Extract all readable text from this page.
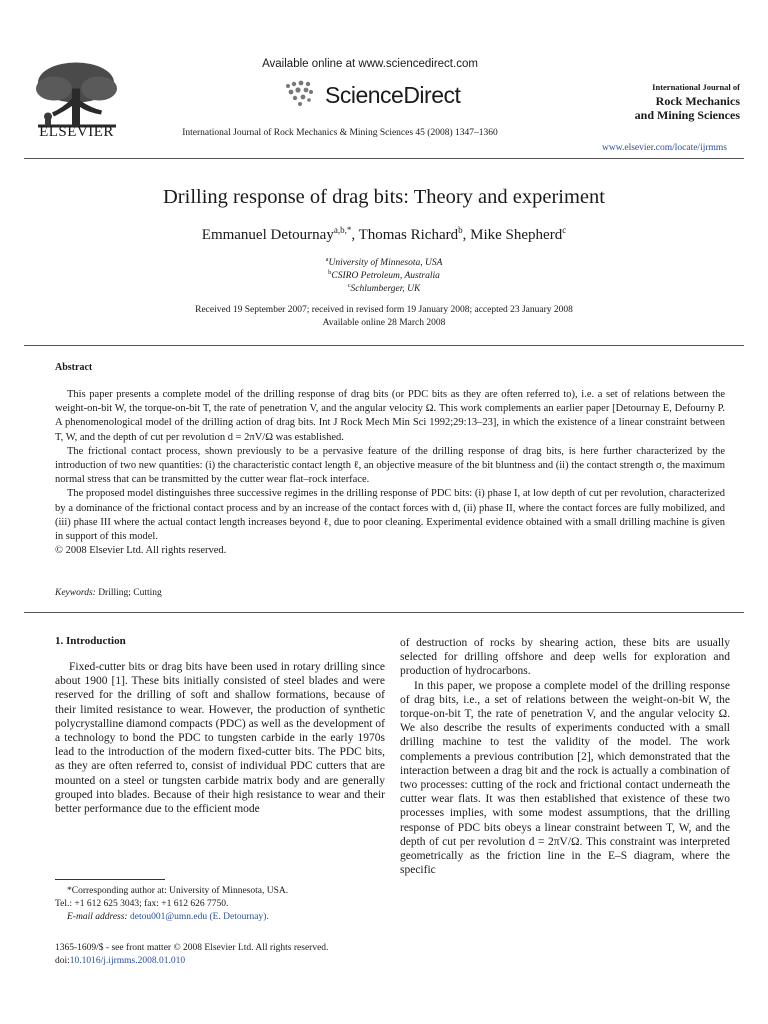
ELSEVIER
Available online at www.sciencedirect.com
ScienceDirect
International Journal of Rock Mechanics & Mining Sciences 45 (2008) 1347–1360
International Journal of
Rock Mechanics
and Mining Sciences
www.elsevier.com/locate/ijrmms
Drilling response of drag bits: Theory and experiment
Emmanuel Detournay$^{a,b,*}$, Thomas Richard$^b$, Mike Shepherd$^c$
$^a$University of Minnesota, USA
$^b$CSIRO Petroleum, Australia
$^c$Schlumberger, UK
Received 19 September 2007; received in revised form 19 January 2008; accepted 23 January 2008
Available online 28 March 2008
Abstract

This paper presents a complete model of the drilling response of drag bits (or PDC bits as they are often referred to), i.e. a set of relations between the weight-on-bit W, the torque-on-bit T, the rate of penetration V, and the angular velocity Ω. This work complements an earlier paper [Detournay E, Defourny P. A phenomenological model of the drilling action of drag bits. Int J Rock Mech Min Sci 1992;29:13–23], in which the existence of a linear constraint between T, W, and the depth of cut per revolution d = 2πV/Ω was established.

The frictional contact process, shown previously to be a pervasive feature of the drilling response of drag bits, is here further characterized by the introduction of two new quantities: (i) the characteristic contact length ℓ, an objective measure of the bit bluntness and (ii) the contact strength σ, the maximum normal stress that can be transmitted by the cutter wear flat–rock interface.

The proposed model distinguishes three successive regimes in the drilling response of PDC bits: (i) phase I, at low depth of cut per revolution, characterized by a dominance of the frictional contact process and by an increase of the contact forces with d, (ii) phase II, where the contact forces are fully mobilized, and (iii) phase III where the actual contact length increases beyond ℓ, due to poor cleaning. Experimental evidence obtained with a small drilling machine is given in support of this model.

© 2008 Elsevier Ltd. All rights reserved.

Keywords: Drilling; Cutting
1. Introduction

Fixed-cutter bits or drag bits have been used in rotary drilling since about 1900 [1]. These bits initially consisted of steel blades and were reserved for the drilling of soft and shallow formations, because of their limited resistance to wear. However, the production of synthetic polycrystalline diamond compacts (PDC) as well as the development of a technology to bond the PDC to tungsten carbide in the early 1970s lead to the introduction of the modern fixed-cutter bits. The PDC bits, as they are often referred to, consist of individual PDC cutters that are mounted on a steel or tungsten carbide matrix body and are generally grouped into blades. Because of their high resistance to wear and their better performance due to the efficient mode

of destruction of rocks by shearing action, these bits are usually selected for drilling offshore and deep wells for exploration and production of hydrocarbons.

In this paper, we propose a complete model of the drilling response of drag bits, i.e., a set of relations between the weight-on-bit W, the torque-on-bit T, the rate of penetration V, and the angular velocity Ω. We also describe the results of experiments conducted with a small drilling machine to test the validity of the model. The work complements a previous contribution [2], which demonstrated that the interaction between a drag bit and the rock is actually a combination of two processes: cutting of the rock and frictional contact underneath the cutter wear flats. It was then established that existence of these two processes implies, with some modest assumptions, that the drilling response of PDC bits obeys a linear constraint between T, W, and the depth of cut per revolution d = 2πV/Ω. This constraint was interpreted geometrically as the friction line in the E–S diagram, where the specific

*Corresponding author at: University of Minnesota, USA.

Tel.: +1 612 625 3043; fax: +1 612 626 7750.

E-mail address: detou001@umn.edu (E. Detournay).

1365-1609/$ - see front matter © 2008 Elsevier Ltd. All rights reserved.

doi:10.1016/j.ijrmms.2008.01.010
